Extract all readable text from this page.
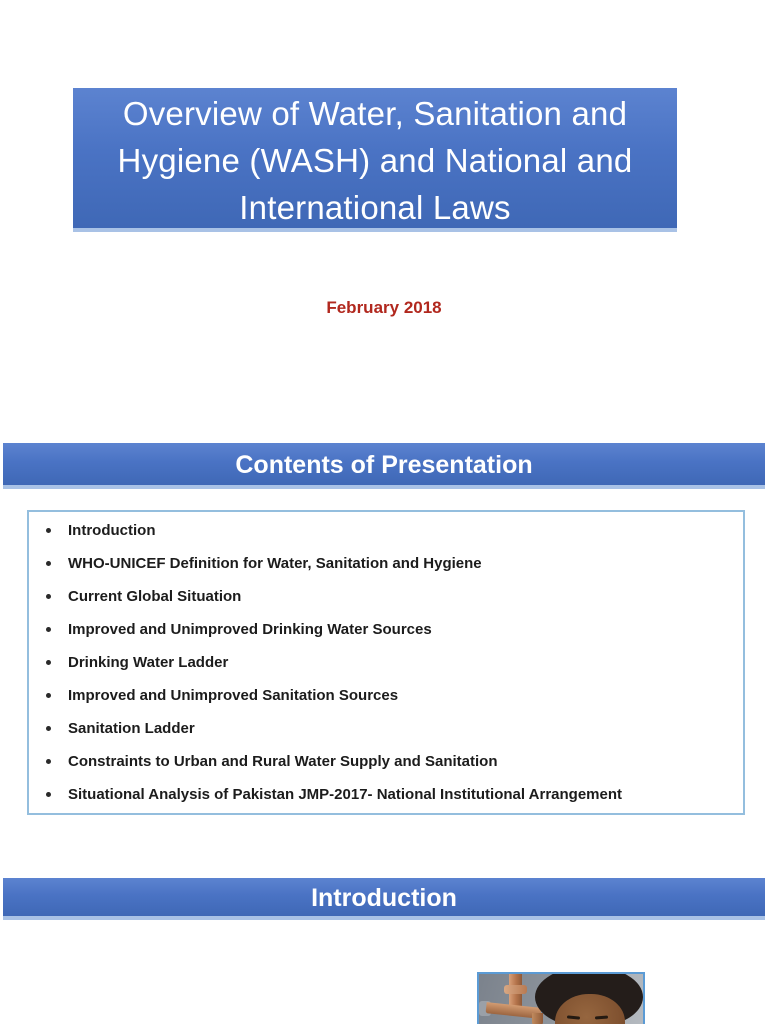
Overview of Water, Sanitation and
Hygiene (WASH) and National and
International Laws
February 2018
Contents of Presentation
Introduction
WHO-UNICEF Definition for Water, Sanitation and Hygiene
Current Global Situation
Improved and Unimproved Drinking Water Sources
Drinking Water Ladder
Improved and Unimproved Sanitation Sources
Sanitation Ladder
Constraints to Urban and Rural Water Supply and Sanitation
Situational Analysis of Pakistan JMP-2017- National Institutional Arrangement
Introduction
